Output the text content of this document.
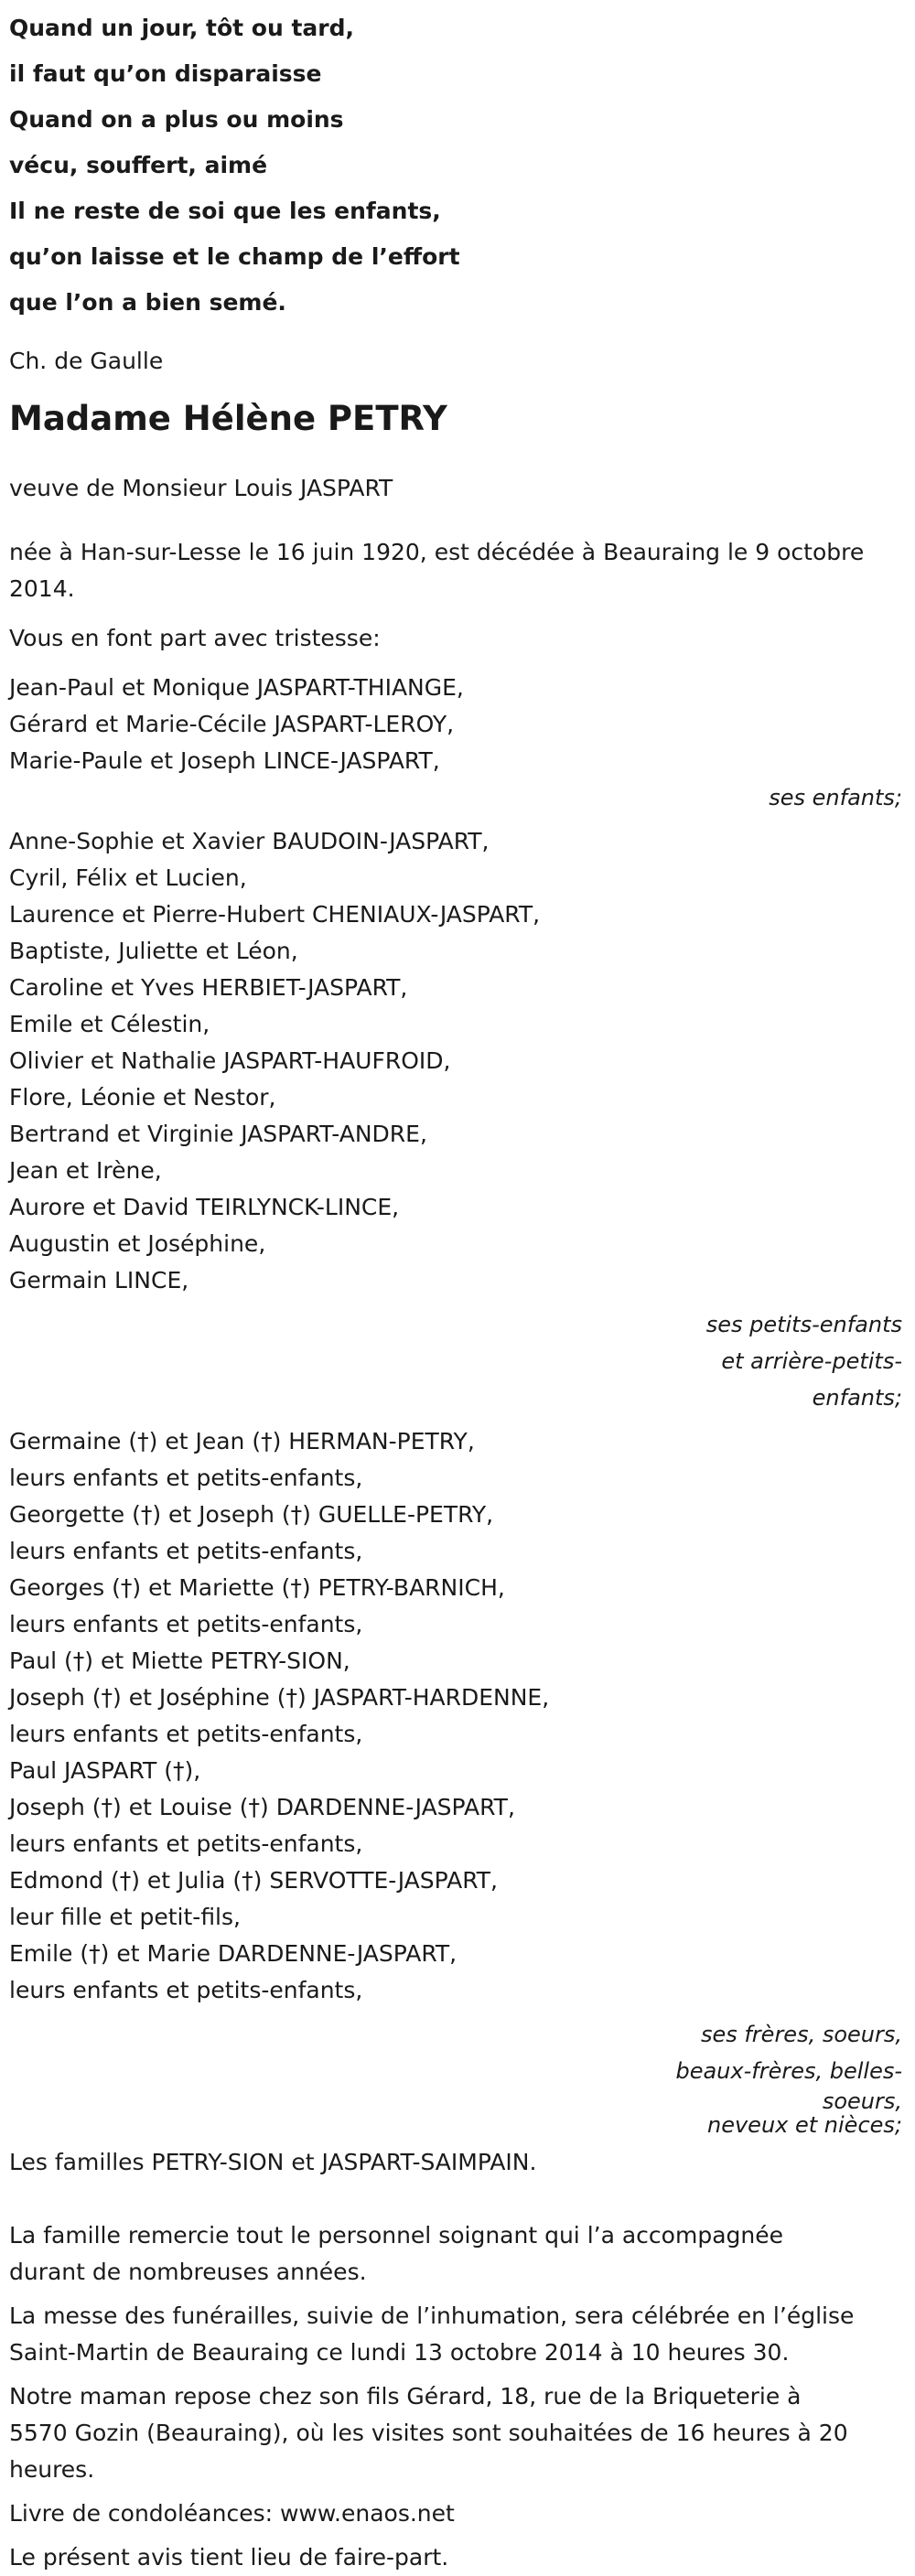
Quand un jour, tôt ou tard,
il faut qu’on disparaisse
Quand on a plus ou moins
vécu, souffert, aimé
Il ne reste de soi que les enfants,
qu’on laisse et le champ de l’effort
que l’on a bien semé.
Ch. de Gaulle
Madame Hélène PETRY
veuve de Monsieur Louis JASPART
née à Han-sur-Lesse le 16 juin 1920, est décédée à Beauraing le 9 octobre
2014.
Vous en font part avec tristesse:
Jean-Paul et Monique JASPART-THIANGE,
Gérard et Marie-Cécile JASPART-LEROY,
Marie-Paule et Joseph LINCE-JASPART,
ses enfants;
Anne-Sophie et Xavier BAUDOIN-JASPART,
Cyril, Félix et Lucien,
Laurence et Pierre-Hubert CHENIAUX-JASPART,
Baptiste, Juliette et Léon,
Caroline et Yves HERBIET-JASPART,
Emile et Célestin,
Olivier et Nathalie JASPART-HAUFROID,
Flore, Léonie et Nestor,
Bertrand et Virginie JASPART-ANDRE,
Jean et Irène,
Aurore et David TEIRLYNCK-LINCE,
Augustin et Joséphine,
Germain LINCE,
ses petits-enfants
et arrière-petits-
enfants;
Germaine (†) et Jean (†) HERMAN-PETRY,
leurs enfants et petits-enfants,
Georgette (†) et Joseph (†) GUELLE-PETRY,
leurs enfants et petits-enfants,
Georges (†) et Mariette (†) PETRY-BARNICH,
leurs enfants et petits-enfants,
Paul (†) et Miette PETRY-SION,
Joseph (†) et Joséphine (†) JASPART-HARDENNE,
leurs enfants et petits-enfants,
Paul JASPART (†),
Joseph (†) et Louise (†) DARDENNE-JASPART,
leurs enfants et petits-enfants,
Edmond (†) et Julia (†) SERVOTTE-JASPART,
leur fille et petit-fils,
Emile (†) et Marie DARDENNE-JASPART,
leurs enfants et petits-enfants,
ses frères, soeurs,
beaux-frères, belles-
soeurs,
neveux et nièces;
Les familles PETRY-SION et JASPART-SAIMPAIN.
La famille remercie tout le personnel soignant qui l’a accompagnée
durant de nombreuses années.
La messe des funérailles, suivie de l’inhumation, sera célébrée en l’église
Saint-Martin de Beauraing ce lundi 13 octobre 2014 à 10 heures 30.
Notre maman repose chez son fils Gérard, 18, rue de la Briqueterie à
5570 Gozin (Beauraing), où les visites sont souhaitées de 16 heures à 20
heures.
Livre de condoléances: www.enaos.net
Le présent avis tient lieu de faire-part.
